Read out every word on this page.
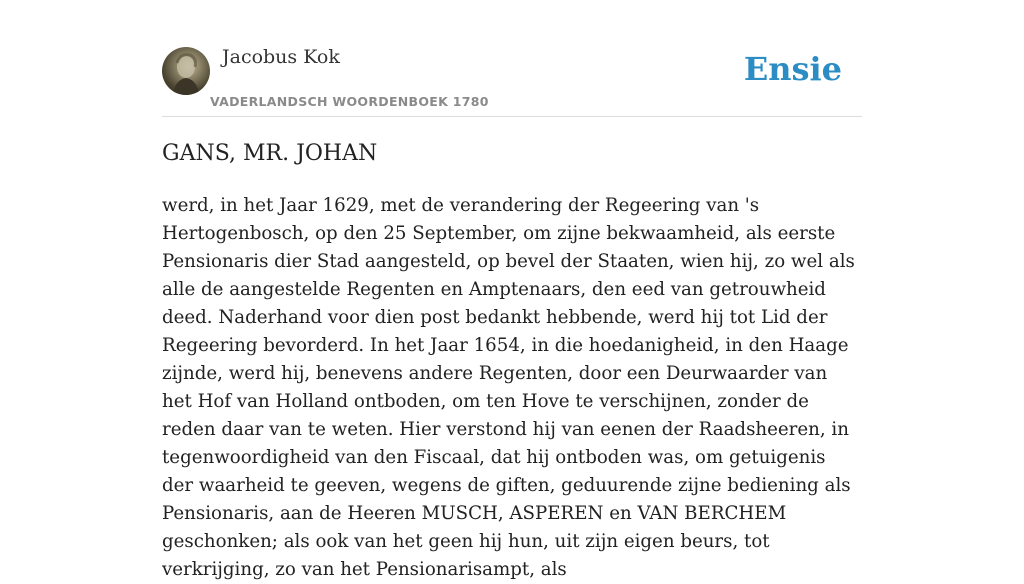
Jacobus Kok
VADERLANDSCH WOORDENBOEK 1780
Ensie
GANS, MR. JOHAN

werd, in het Jaar 1629, met de verandering der Regeering van 's Hertogenbosch, op den 25 September, om zijne bekwaamheid, als eerste Pensionaris dier Stad aangesteld, op bevel der Staaten, wien hij, zo wel als alle de aangestelde Regenten en Amptenaars, den eed van getrouwheid deed. Naderhand voor dien post bedankt hebbende, werd hij tot Lid der Regeering bevorderd. In het Jaar 1654, in die hoedanigheid, in den Haage zijnde, werd hij, benevens andere Regenten, door een Deurwaarder van het Hof van Holland ontboden, om ten Hove te verschijnen, zonder de reden daar van te weten. Hier verstond hij van eenen der Raadsheeren, in tegenwoordigheid van den Fiscaal, dat hij ontboden was, om getuigenis der waarheid te geeven, wegens de giften, geduurende zijne bediening als Pensionaris, aan de Heeren MUSCH, ASPEREN en VAN BERCHEM geschonken; als ook van het geen hij hun, uit zijn eigen beurs, tot verkrijging, zo van het Pensionarisampt, als
